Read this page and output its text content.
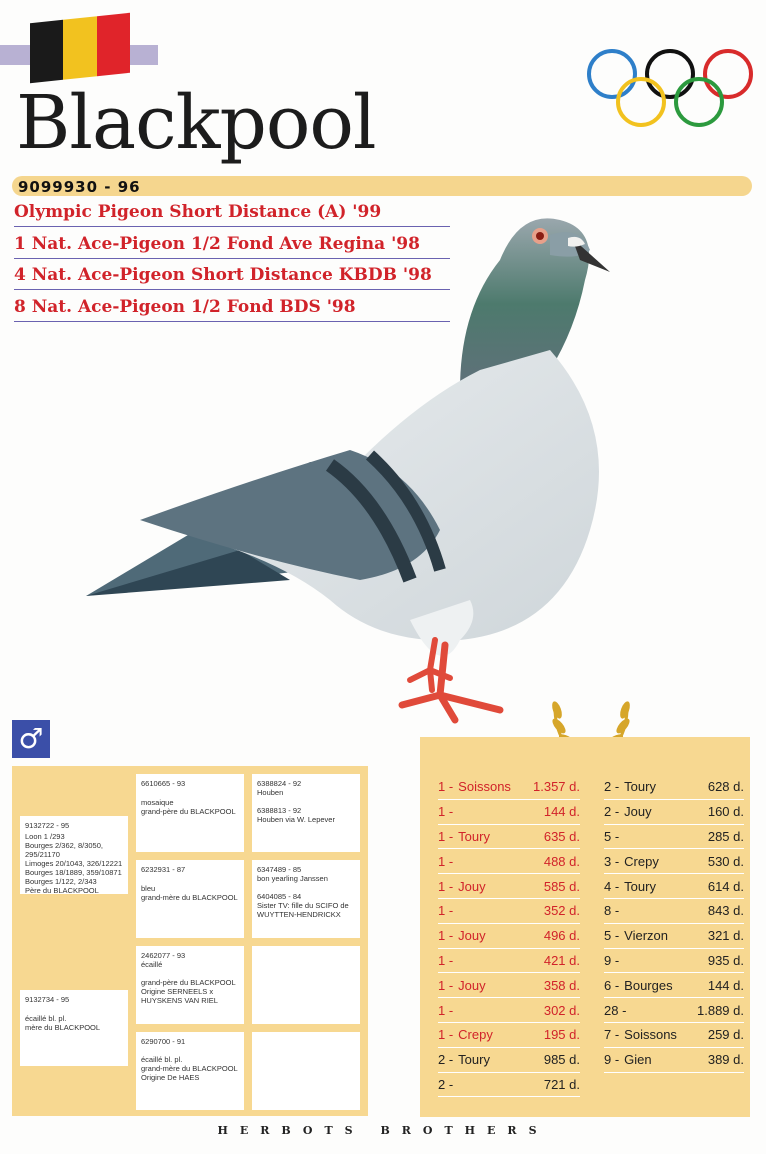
Blackpool
9099930 - 96
Olympic Pigeon Short Distance (A) '99
1 Nat. Ace-Pigeon 1/2 Fond Ave Regina '98
4 Nat. Ace-Pigeon Short Distance KBDB '98
8 Nat. Ace-Pigeon 1/2 Fond BDS '98
♂
9132722 - 95
Loon 1 /293
Bourges 2/362, 8/3050,
295/21170
Limoges 20/1043, 326/12221
Bourges 18/1889, 359/10871
Bourges 1/122, 2/343
Père du BLACKPOOL
9132734 - 95
écaillé bl. pl.
mère du BLACKPOOL
6610665 - 93
mosaique
grand-père du BLACKPOOL
6232931 - 87
bleu
grand-mère du BLACKPOOL
2462077 - 93
écaillé
grand-père du BLACKPOOL
Origine SERNEELS x
HUYSKENS VAN RIEL
6290700 - 91
écaillé bl. pl.
grand-mère du BLACKPOOL
Origine De HAES
6388824 - 92
Houben
6388813 - 92
Houben via W. Lepever
6347489 - 85
bon yearling Janssen
6404085 - 84
Sister TV: fille du SCIFO de
WUYTTEN-HENDRICKX
1 - Soissons	1.357 d.
1 -	144 d.
1 - Toury	635 d.
1 -	488 d.
1 - Jouy	585 d.
1 -	352 d.
1 - Jouy	496 d.
1 -	421 d.
1 - Jouy	358 d.
1 -	302 d.
1 - Crepy	195 d.
2 - Toury	985 d.
2 -	721 d.
2 - Toury	628 d.
2 - Jouy	160 d.
5 -	285 d.
3 - Crepy	530 d.
4 - Toury	614 d.
8 -	843 d.
5 - Vierzon	321 d.
9 -	935 d.
6 - Bourges	144 d.
28 -	1.889 d.
7 - Soissons	259 d.
9 - Gien	389 d.
HERBOTS BROTHERS
